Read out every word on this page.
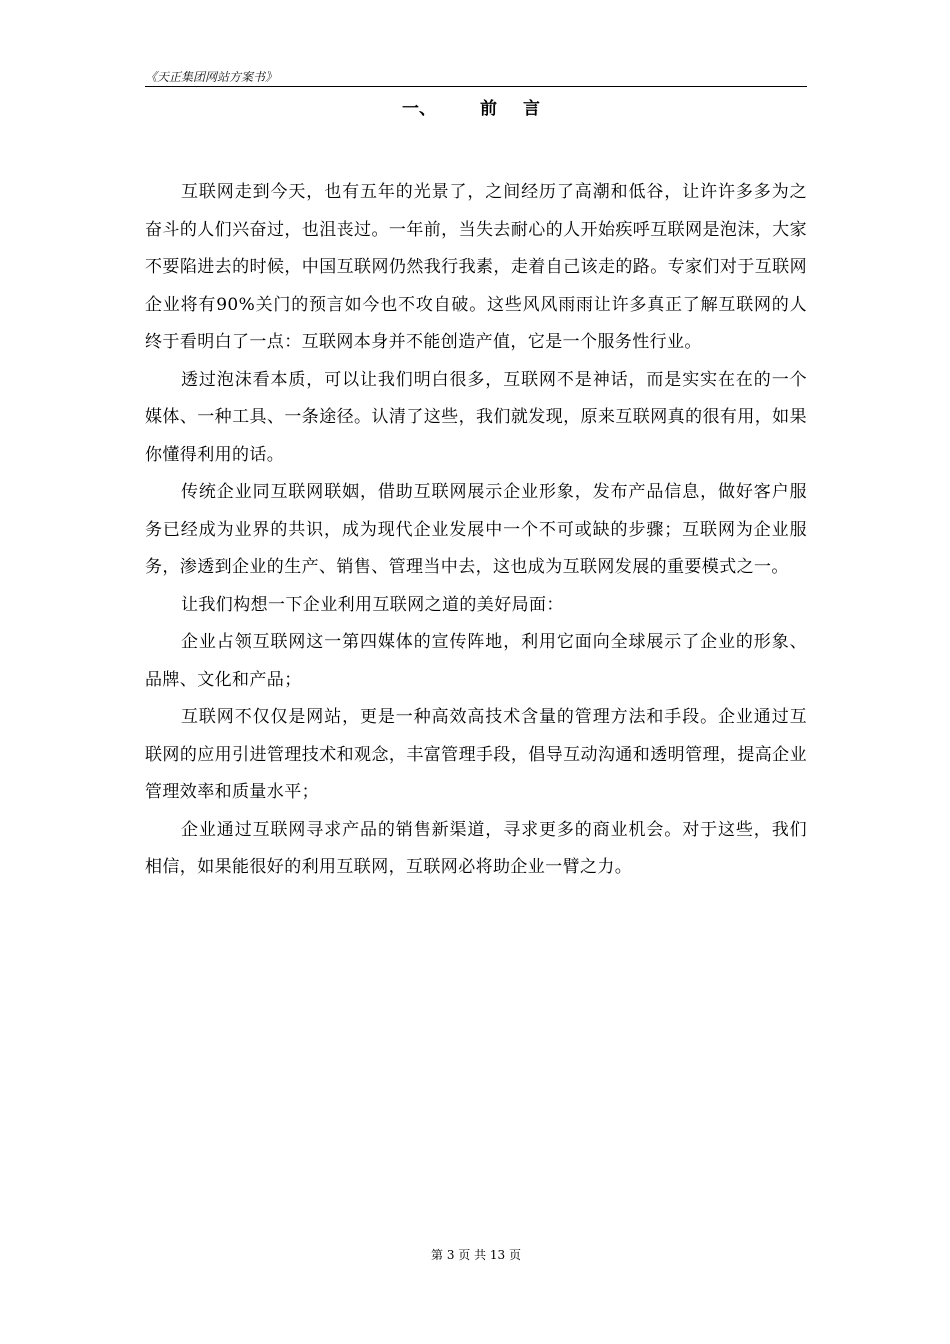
《天正集团网站方案书》
一、	前 言

互联网走到今天，也有五年的光景了，之间经历了高潮和低谷，让许许多多为之奋斗的人们兴奋过，也沮丧过。一年前，当失去耐心的人开始疾呼互联网是泡沫，大家不要陷进去的时候，中国互联网仍然我行我素，走着自己该走的路。专家们对于互联网企业将有90%关门的预言如今也不攻自破。这些风风雨雨让许多真正了解互联网的人终于看明白了一点：互联网本身并不能创造产值，它是一个服务性行业。

透过泡沫看本质，可以让我们明白很多，互联网不是神话，而是实实在在的一个媒体、一种工具、一条途径。认清了这些，我们就发现，原来互联网真的很有用，如果你懂得利用的话。

传统企业同互联网联姻，借助互联网展示企业形象，发布产品信息，做好客户服务已经成为业界的共识，成为现代企业发展中一个不可或缺的步骤；互联网为企业服务，渗透到企业的生产、销售、管理当中去，这也成为互联网发展的重要模式之一。

让我们构想一下企业利用互联网之道的美好局面：

企业占领互联网这一第四媒体的宣传阵地，利用它面向全球展示了企业的形象、品牌、文化和产品；

互联网不仅仅是网站，更是一种高效高技术含量的管理方法和手段。企业通过互联网的应用引进管理技术和观念，丰富管理手段，倡导互动沟通和透明管理，提高企业管理效率和质量水平；

企业通过互联网寻求产品的销售新渠道，寻求更多的商业机会。对于这些，我们相信，如果能很好的利用互联网，互联网必将助企业一臂之力。

第 3 页 共 13 页
